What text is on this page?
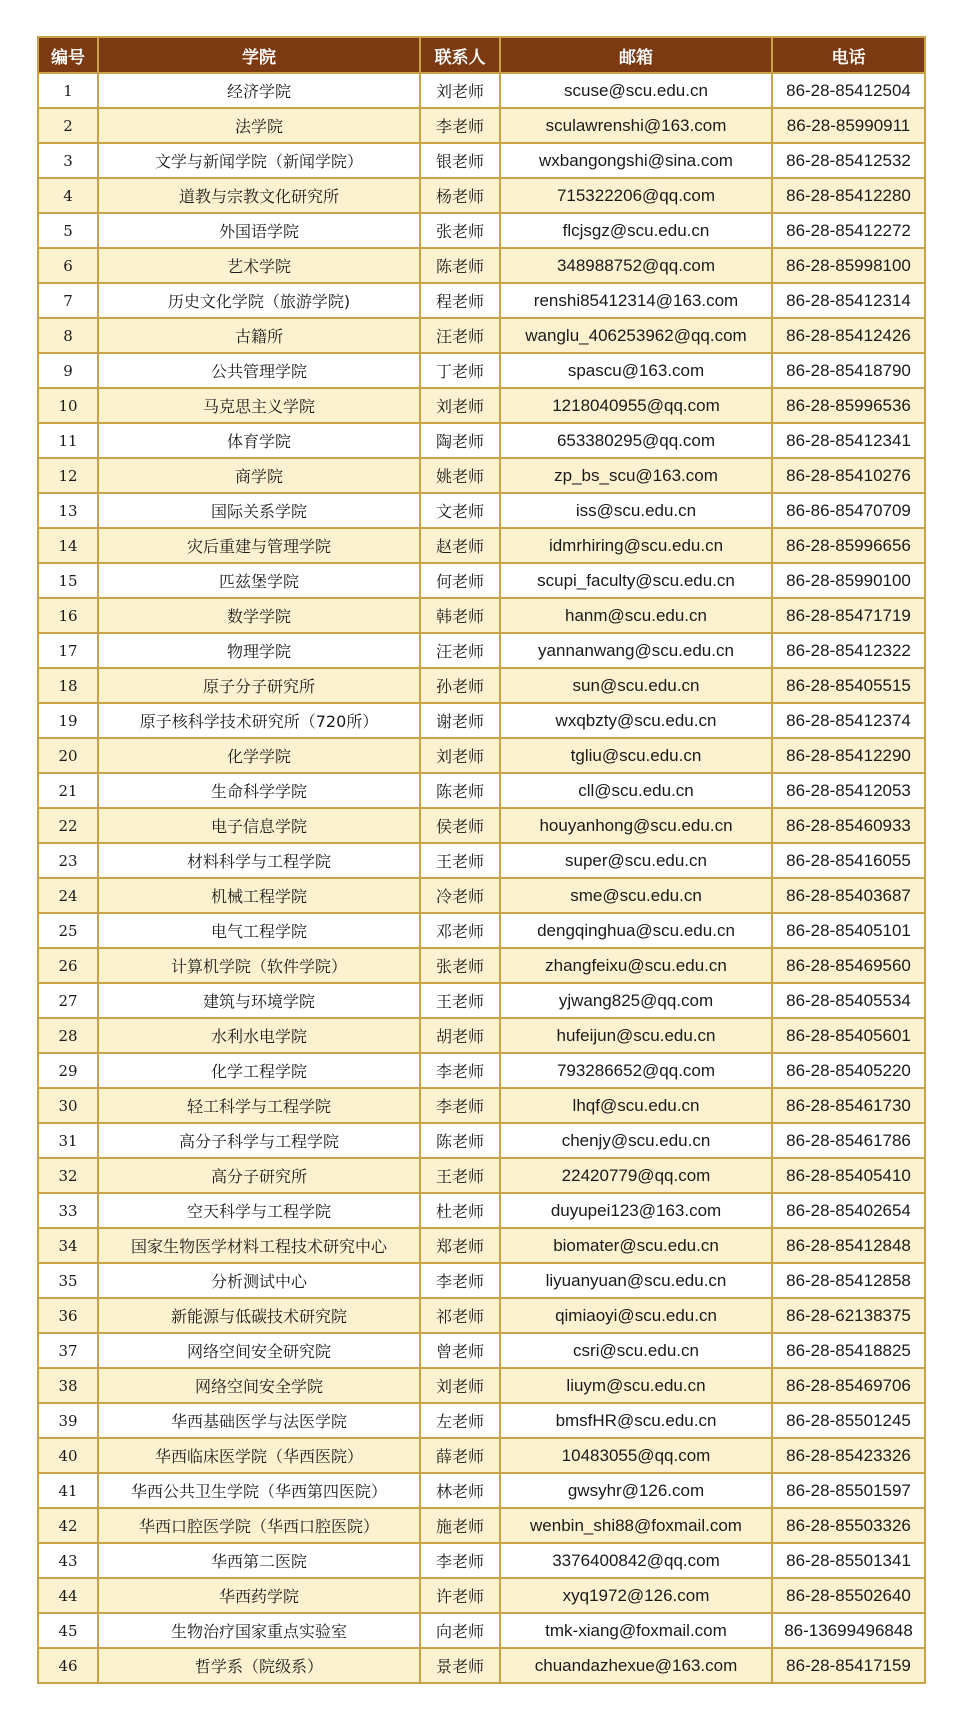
编号	学院	联系人	邮箱	电话
1	经济学院	刘老师	scuse@scu.edu.cn	86-28-85412504
2	法学院	李老师	sculawrenshi@163.com	86-28-85990911
3	文学与新闻学院（新闻学院）	银老师	wxbangongshi@sina.com	86-28-85412532
4	道教与宗教文化研究所	杨老师	715322206@qq.com	86-28-85412280
5	外国语学院	张老师	flcjsgz@scu.edu.cn	86-28-85412272
6	艺术学院	陈老师	348988752@qq.com	86-28-85998100
7	历史文化学院（旅游学院)	程老师	renshi85412314@163.com	86-28-85412314
8	古籍所	汪老师	wanglu_406253962@qq.com	86-28-85412426
9	公共管理学院	丁老师	spascu@163.com	86-28-85418790
10	马克思主义学院	刘老师	1218040955@qq.com	86-28-85996536
11	体育学院	陶老师	653380295@qq.com	86-28-85412341
12	商学院	姚老师	zp_bs_scu@163.com	86-28-85410276
13	国际关系学院	文老师	iss@scu.edu.cn	86-86-85470709
14	灾后重建与管理学院	赵老师	idmrhiring@scu.edu.cn	86-28-85996656
15	匹兹堡学院	何老师	scupi_faculty@scu.edu.cn	86-28-85990100
16	数学学院	韩老师	hanm@scu.edu.cn	86-28-85471719
17	物理学院	汪老师	yannanwang@scu.edu.cn	86-28-85412322
18	原子分子研究所	孙老师	sun@scu.edu.cn	86-28-85405515
19	原子核科学技术研究所（720所）	谢老师	wxqbzty@scu.edu.cn	86-28-85412374
20	化学学院	刘老师	tgliu@scu.edu.cn	86-28-85412290
21	生命科学学院	陈老师	cll@scu.edu.cn	86-28-85412053
22	电子信息学院	侯老师	houyanhong@scu.edu.cn	86-28-85460933
23	材料科学与工程学院	王老师	super@scu.edu.cn	86-28-85416055
24	机械工程学院	冷老师	sme@scu.edu.cn	86-28-85403687
25	电气工程学院	邓老师	dengqinghua@scu.edu.cn	86-28-85405101
26	计算机学院（软件学院）	张老师	zhangfeixu@scu.edu.cn	86-28-85469560
27	建筑与环境学院	王老师	yjwang825@qq.com	86-28-85405534
28	水利水电学院	胡老师	hufeijun@scu.edu.cn	86-28-85405601
29	化学工程学院	李老师	793286652@qq.com	86-28-85405220
30	轻工科学与工程学院	李老师	lhqf@scu.edu.cn	86-28-85461730
31	高分子科学与工程学院	陈老师	chenjy@scu.edu.cn	86-28-85461786
32	高分子研究所	王老师	22420779@qq.com	86-28-85405410
33	空天科学与工程学院	杜老师	duyupei123@163.com	86-28-85402654
34	国家生物医学材料工程技术研究中心	郑老师	biomater@scu.edu.cn	86-28-85412848
35	分析测试中心	李老师	liyuanyuan@scu.edu.cn	86-28-85412858
36	新能源与低碳技术研究院	祁老师	qimiaoyi@scu.edu.cn	86-28-62138375
37	网络空间安全研究院	曾老师	csri@scu.edu.cn	86-28-85418825
38	网络空间安全学院	刘老师	liuym@scu.edu.cn	86-28-85469706
39	华西基础医学与法医学院	左老师	bmsfHR@scu.edu.cn	86-28-85501245
40	华西临床医学院（华西医院）	薛老师	10483055@qq.com	86-28-85423326
41	华西公共卫生学院（华西第四医院）	林老师	gwsyhr@126.com	86-28-85501597
42	华西口腔医学院（华西口腔医院）	施老师	wenbin_shi88@foxmail.com	86-28-85503326
43	华西第二医院	李老师	3376400842@qq.com	86-28-85501341
44	华西药学院	许老师	xyq1972@126.com	86-28-85502640
45	生物治疗国家重点实验室	向老师	tmk-xiang@foxmail.com	86-13699496848
46	哲学系（院级系）	景老师	chuandazhexue@163.com	86-28-85417159
